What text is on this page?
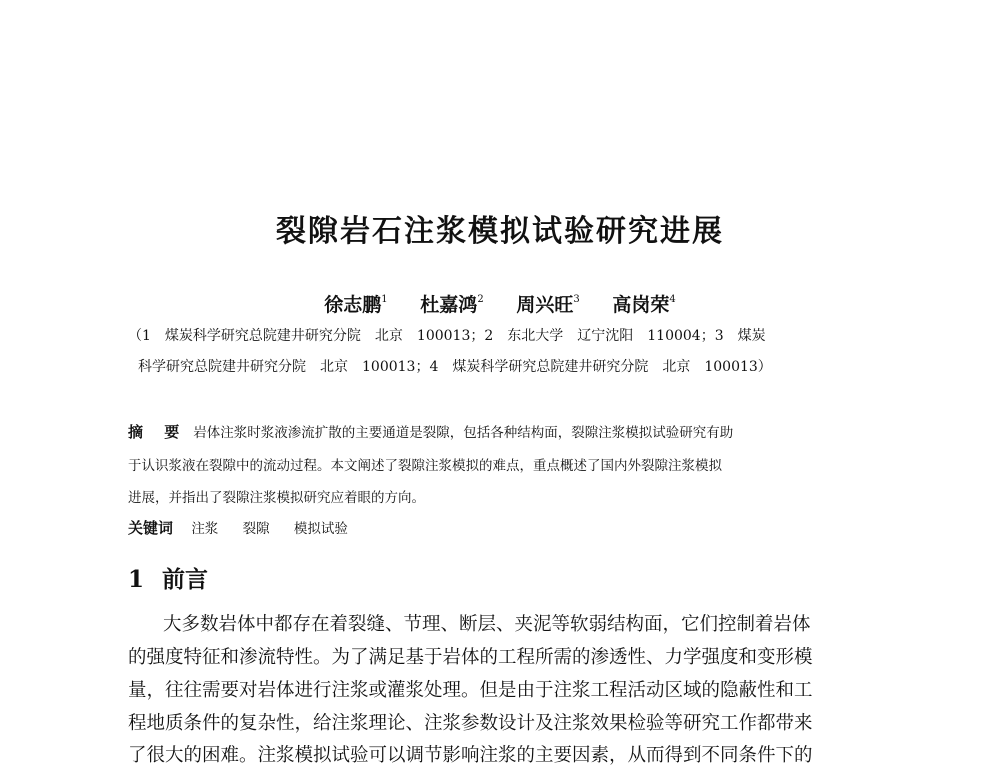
裂隙岩石注浆模拟试验研究进展
徐志鹏$^1$ 杜嘉鸿$^2$ 周兴旺$^3$ 高岗荣$^4$
（1　煤炭科学研究总院建井研究分院　北京　100013；2　东北大学　辽宁沈阳　110004；3　煤炭
科学研究总院建井研究分院　北京　100013；4　煤炭科学研究总院建井研究分院　北京　100013）
摘 要 岩体注浆时浆液渗流扩散的主要通道是裂隙，包括各种结构面，裂隙注浆模拟试验研究有助
于认识浆液在裂隙中的流动过程。本文阐述了裂隙注浆模拟的难点，重点概述了国内外裂隙注浆模拟
进展，并指出了裂隙注浆模拟研究应着眼的方向。
关键词 注浆 裂隙 模拟试验
1 前言
大多数岩体中都存在着裂缝、节理、断层、夹泥等软弱结构面，它们控制着岩体
的强度特征和渗流特性。为了满足基于岩体的工程所需的渗透性、力学强度和变形模
量，往往需要对岩体进行注浆或灌浆处理。但是由于注浆工程活动区域的隐蔽性和工
程地质条件的复杂性，给注浆理论、注浆参数设计及注浆效果检验等研究工作都带来
了很大的困难。注浆模拟试验可以调节影响注浆的主要因素，从而得到不同条件下的
